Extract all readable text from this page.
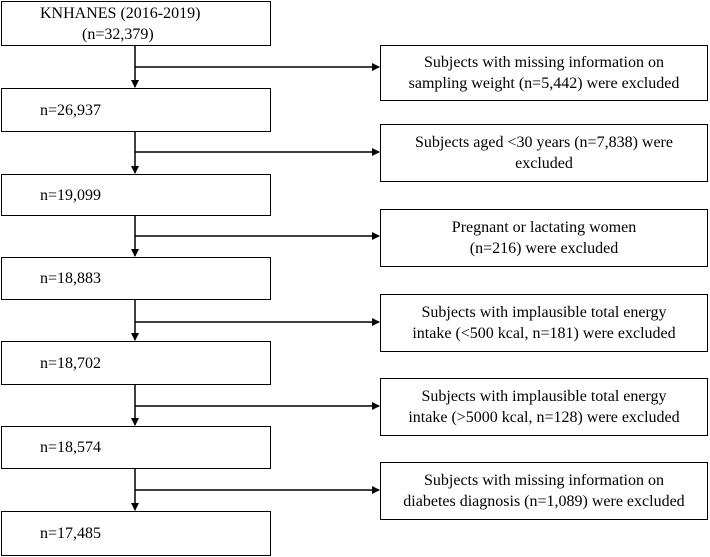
KNHANES (2016-2019)
(n=32,379)
n=26,937
n=19,099
n=18,883
n=18,702
n=18,574
n=17,485
Subjects with missing information on
sampling weight (n=5,442) were excluded
Subjects aged <30 years (n=7,838) were
excluded
Pregnant or lactating women
(n=216) were excluded
Subjects with implausible total energy
intake (<500 kcal, n=181) were excluded
Subjects with implausible total energy
intake (>5000 kcal, n=128) were excluded
Subjects with missing information on
diabetes diagnosis (n=1,089) were excluded
